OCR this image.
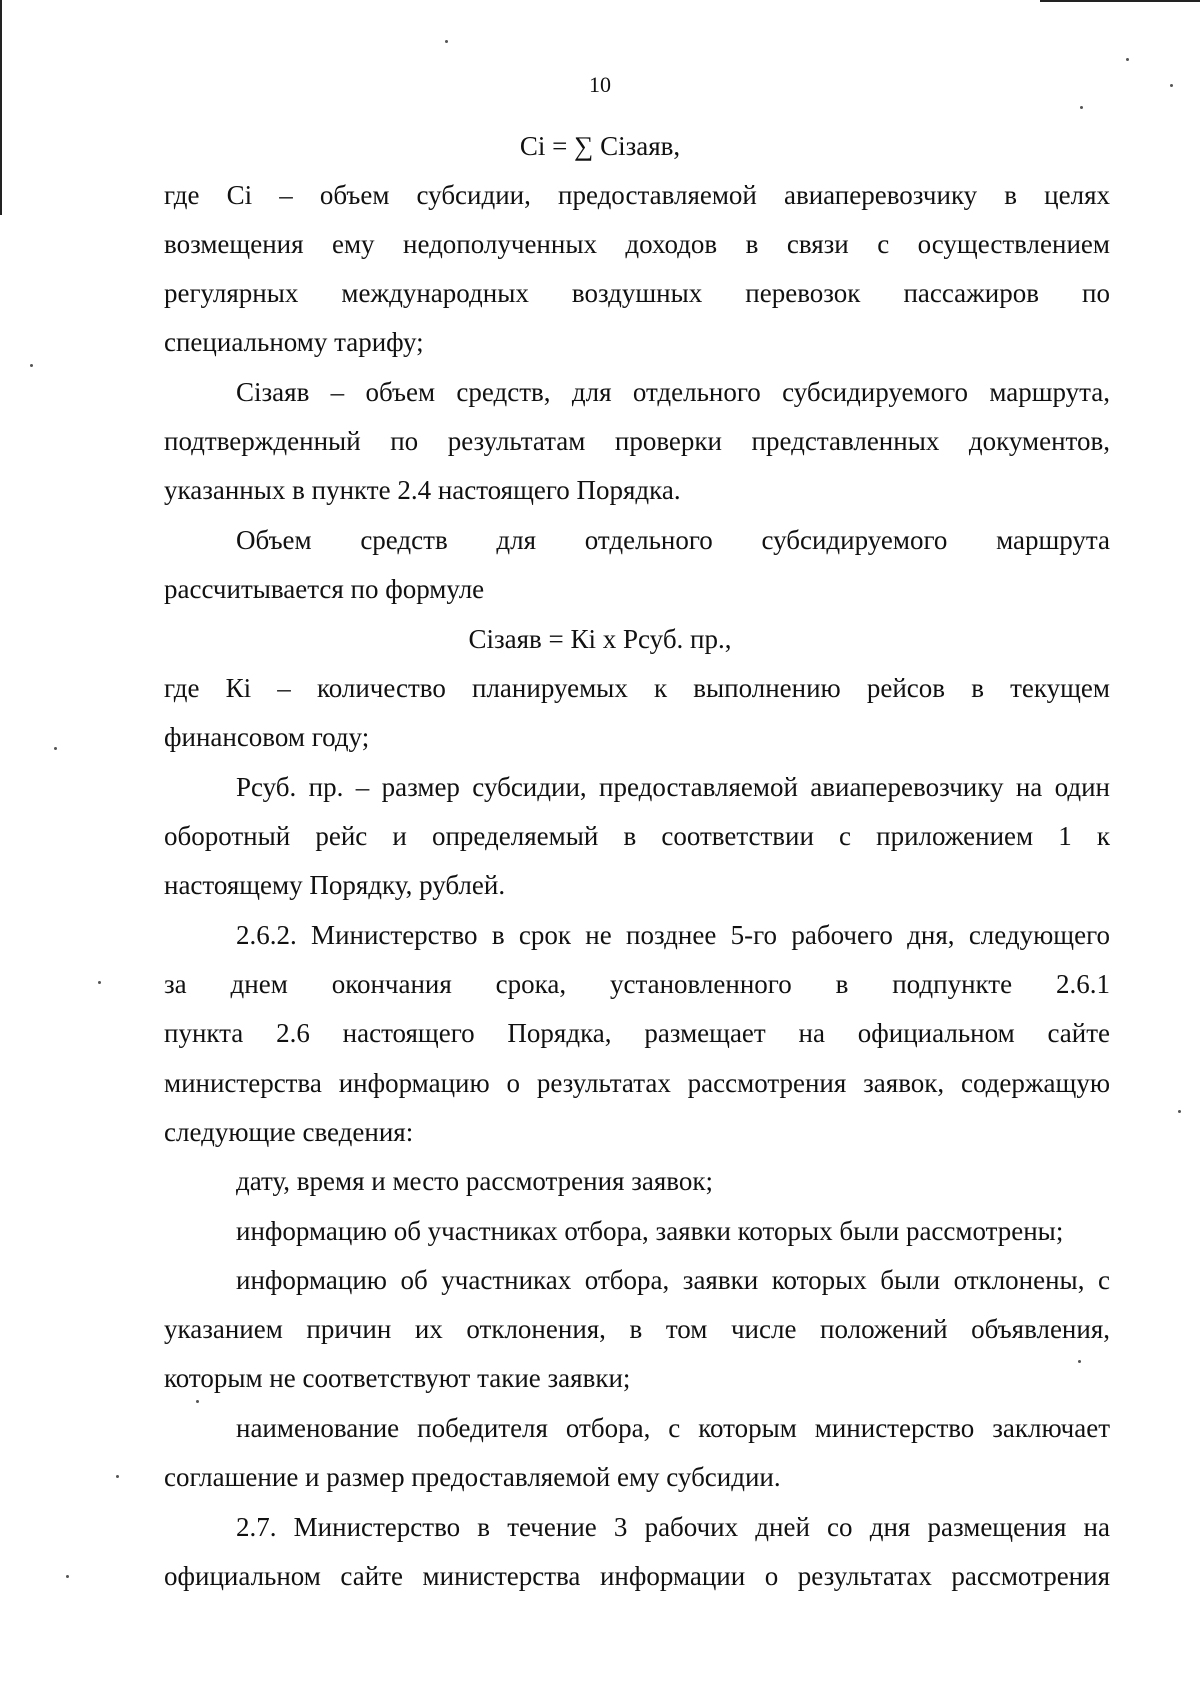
10
Ci = ∑ Сiзаяв,
где Ci – объем субсидии, предоставляемой авиаперевозчику в целях
возмещения ему недополученных доходов в связи с осуществлением
регулярных международных воздушных перевозок пассажиров по
специальному тарифу;
Сiзаяв – объем средств, для отдельного субсидируемого маршрута,
подтвержденный по результатам проверки представленных документов,
указанных в пункте 2.4 настоящего Порядка.
Объем средств для отдельного субсидируемого маршрута
рассчитывается по формуле
Сiзаяв = Кi x Рсуб. пр.,
где Кi – количество планируемых к выполнению рейсов в текущем
финансовом году;
Рсуб. пр. – размер субсидии, предоставляемой авиаперевозчику на один
оборотный рейс и определяемый в соответствии с приложением 1 к
настоящему Порядку, рублей.
2.6.2. Министерство в срок не позднее 5-го рабочего дня, следующего
за днем окончания срока, установленного в подпункте 2.6.1
пункта 2.6 настоящего Порядка, размещает на официальном сайте
министерства информацию о результатах рассмотрения заявок, содержащую
следующие сведения:
дату, время и место рассмотрения заявок;
информацию об участниках отбора, заявки которых были рассмотрены;
информацию об участниках отбора, заявки которых были отклонены, с
указанием причин их отклонения, в том числе положений объявления,
которым не соответствуют такие заявки;
наименование победителя отбора, с которым министерство заключает
соглашение и размер предоставляемой ему субсидии.
2.7. Министерство в течение 3 рабочих дней со дня размещения на
официальном сайте министерства информации о результатах рассмотрения
